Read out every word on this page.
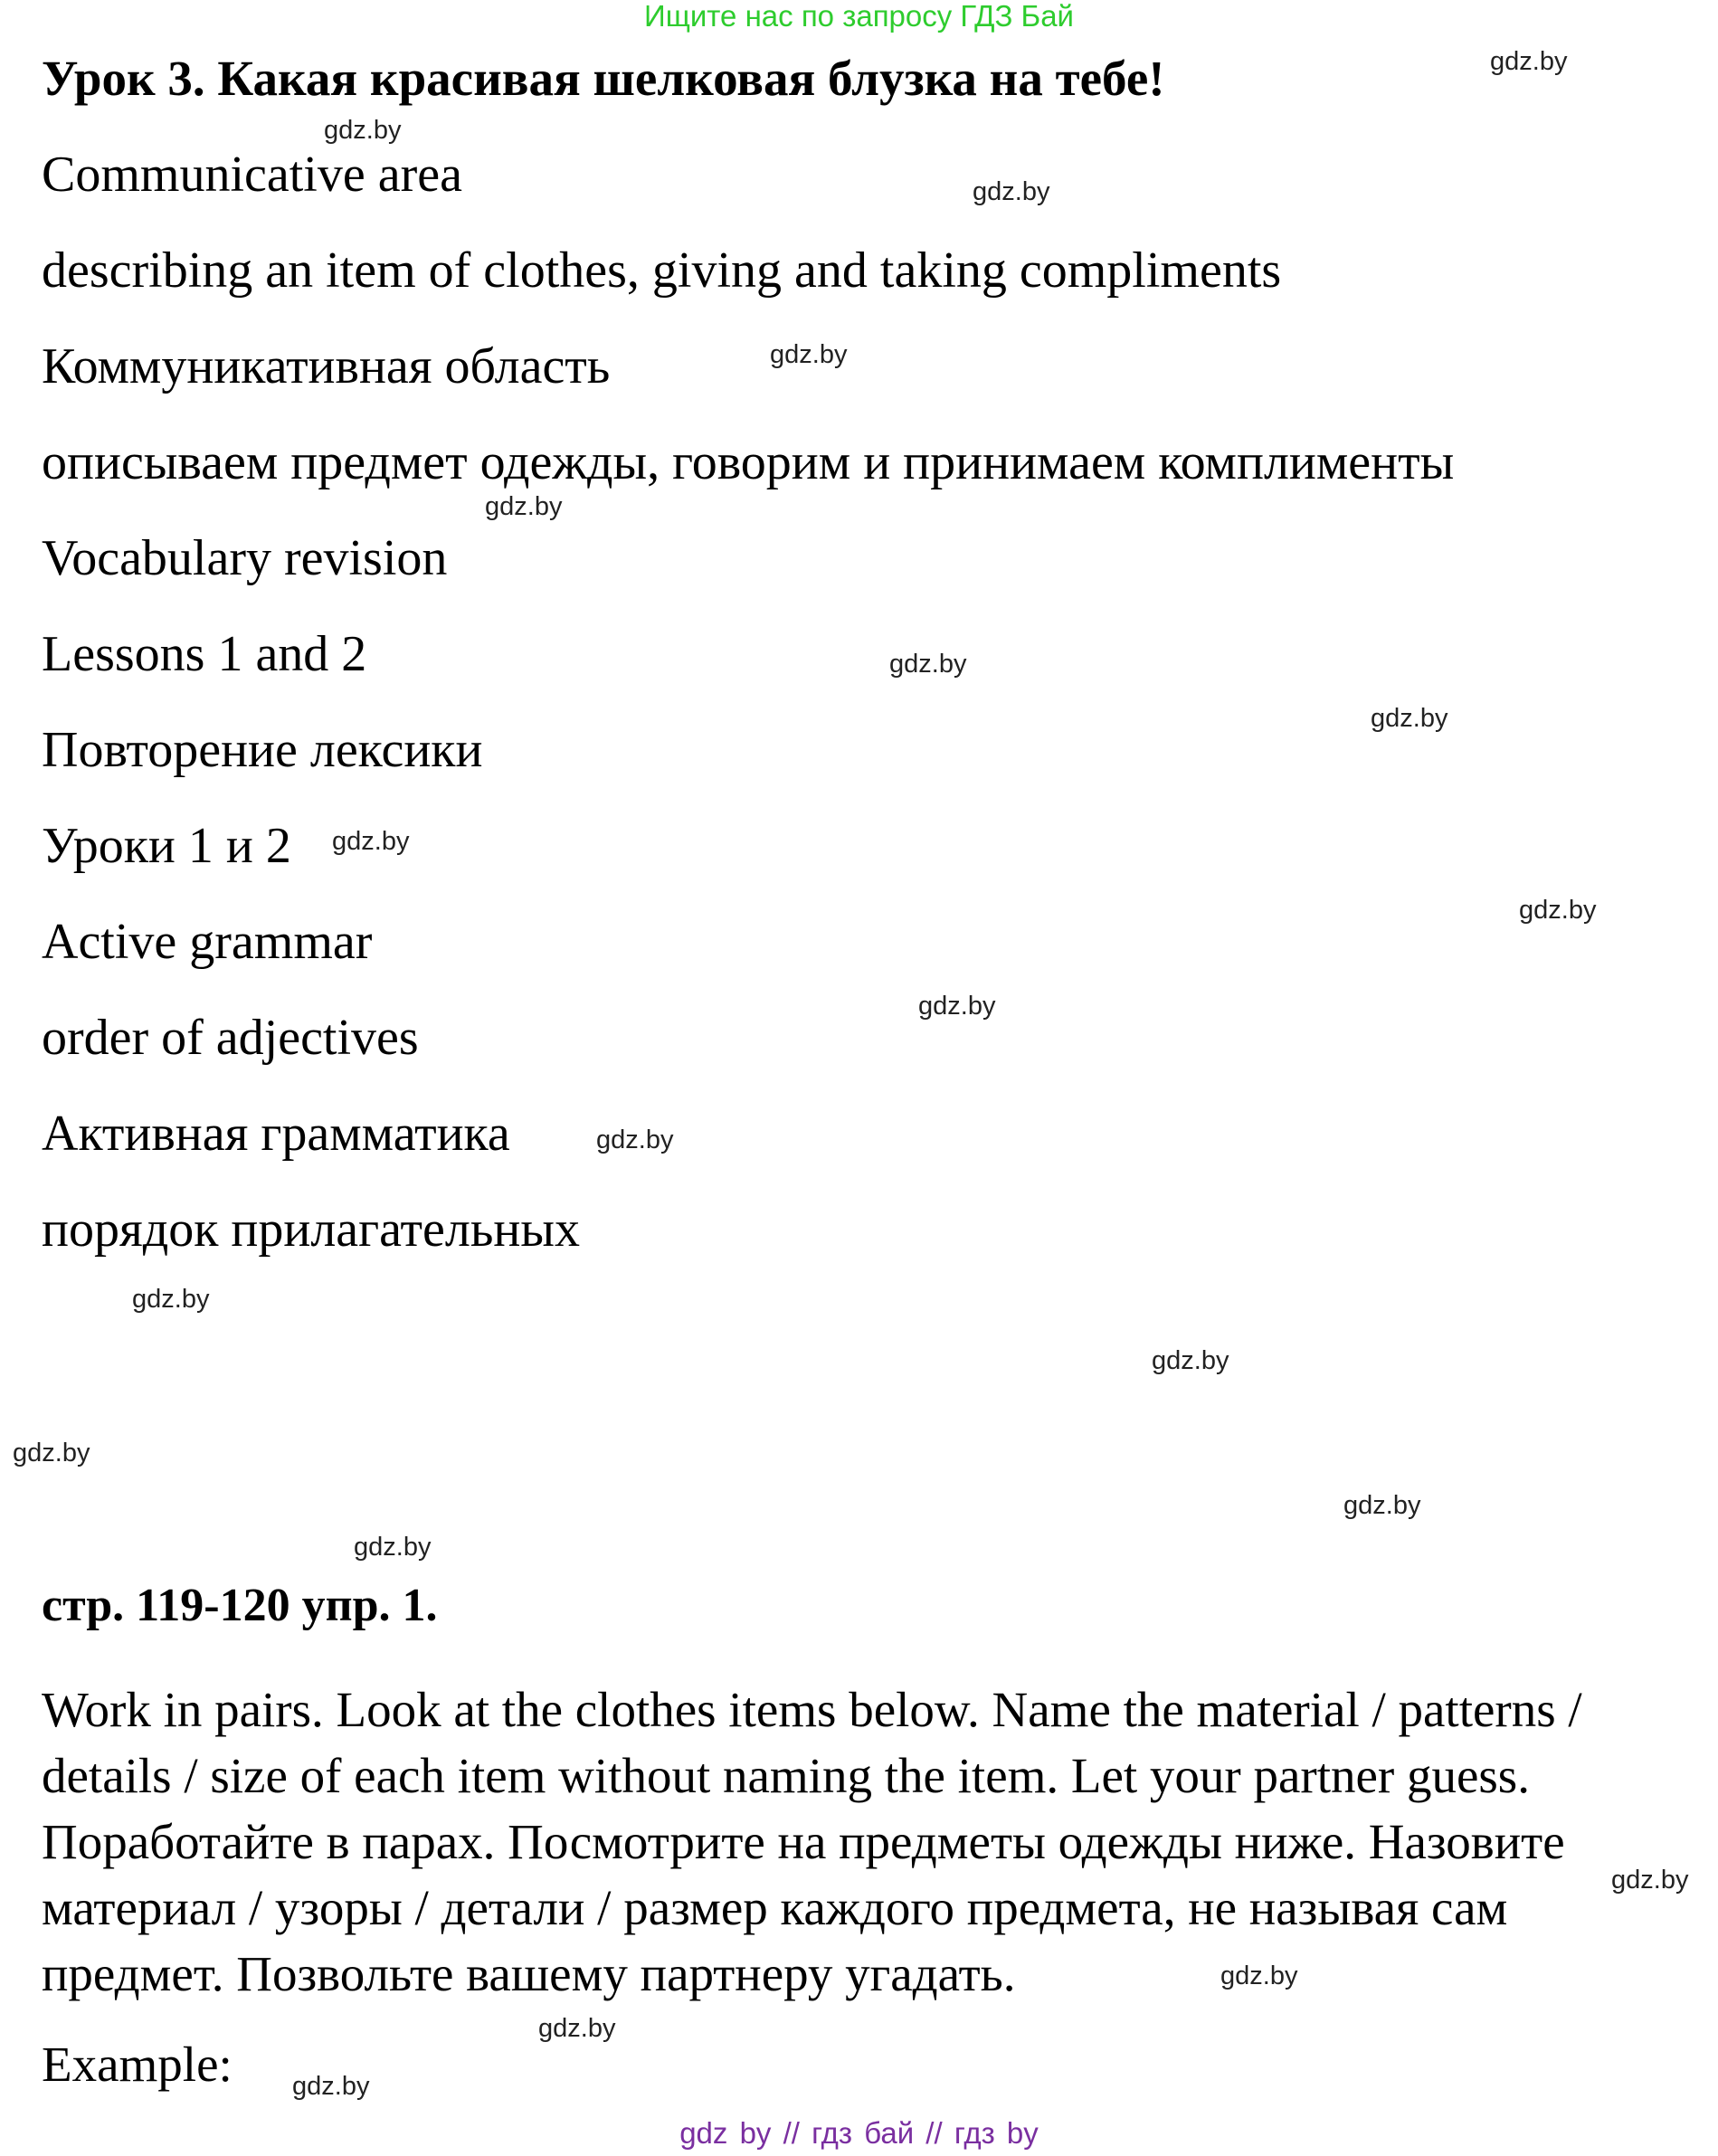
Ищите нас по запросу ГДЗ Бай
Урок 3. Какая красивая шелковая блузка на тебе!
Communicative area
describing an item of clothes, giving and taking compliments
Коммуникативная область
описываем предмет одежды, говорим и принимаем комплименты
Vocabulary revision
Lessons 1 and 2
Повторение лексики
Уроки 1 и 2
Active grammar
order of adjectives
Активная грамматика
порядок прилагательных
стр. 119-120 упр. 1.
Work in pairs. Look at the clothes items below. Name the material / patterns /
details / size of each item without naming the item. Let your partner guess.
Поработайте в парах. Посмотрите на предметы одежды ниже. Назовите
материал / узоры / детали / размер каждого предмета, не называя сам
предмет. Позвольте вашему партнеру угадать.
Example:
gdz.by
gdz.by
gdz.by
gdz.by
gdz.by
gdz.by
gdz.by
gdz.by
gdz.by
gdz.by
gdz.by
gdz.by
gdz.by
gdz.by
gdz.by
gdz.by
gdz.by
gdz.by
gdz.by
gdz.by
gdz by // гдз бай // гдз by
